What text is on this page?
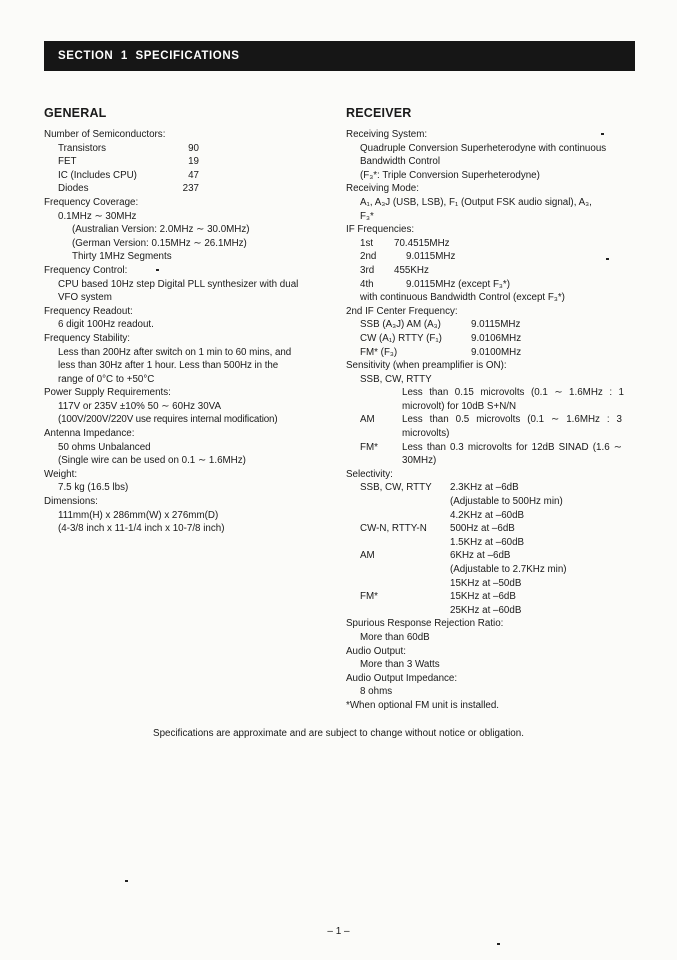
SECTION  1  SPECIFICATIONS
GENERAL
Number of Semiconductors:
Transistors	90
FET	19
IC (Includes CPU)	47
Diodes	237
Frequency Coverage:
0.1MHz ∼ 30MHz
(Australian Version: 2.0MHz ∼ 30.0MHz)
(German Version: 0.15MHz ∼ 26.1MHz)
Thirty 1MHz Segments
Frequency Control:
CPU based 10Hz step Digital PLL synthesizer with dual
VFO system
Frequency Readout:
6 digit 100Hz readout.
Frequency Stability:
Less than 200Hz after switch on 1 min to 60 mins, and
less than 30Hz after 1 hour. Less than 500Hz in the
range of 0°C to +50°C
Power Supply Requirements:
117V or 235V ±10% 50 ∼ 60Hz 30VA
(100V/200V/220V use requires internal modification)
Antenna Impedance:
50 ohms Unbalanced
(Single wire can be used on 0.1 ∼ 1.6MHz)
Weight:
7.5 kg (16.5 lbs)
Dimensions:
111mm(H) x 286mm(W) x 276mm(D)
(4-3/8 inch x 11-1/4 inch x 10-7/8 inch)
RECEIVER
Receiving System:
Quadruple Conversion Superheterodyne with continuous
Bandwidth Control
(F₃*: Triple Conversion Superheterodyne)
Receiving Mode:
A₁, A₃J (USB, LSB), F₁ (Output FSK audio signal), A₃,
F₃*
IF Frequencies:
1st	70.4515MHz
2nd	9.0115MHz
3rd	455KHz
4th	9.0115MHz (except F₃*)
with continuous Bandwidth Control (except F₃*)
2nd IF Center Frequency:
SSB (A₃J) AM (A₃)	9.0115MHz
CW (A₁) RTTY (F₁)	9.0106MHz
FM* (F₃)	9.0100MHz
Sensitivity (when preamplifier is ON):
SSB, CW, RTTY
Less than 0.15 microvolts (0.1 ∼ 1.6MHz : 1 microvolt) for 10dB S+N/N
AM	Less than 0.5 microvolts (0.1 ∼ 1.6MHz : 3 microvolts)
FM*	Less than 0.3 microvolts for 12dB SINAD (1.6 ∼ 30MHz)
Selectivity:
SSB, CW, RTTY	2.3KHz at –6dB
(Adjustable to 500Hz min)
4.2KHz at –60dB
CW-N, RTTY-N	500Hz at –6dB
1.5KHz at –60dB
AM	6KHz at –6dB
(Adjustable to 2.7KHz min)
15KHz at –50dB
FM*	15KHz at –6dB
25KHz at –60dB
Spurious Response Rejection Ratio:
More than 60dB
Audio Output:
More than 3 Watts
Audio Output Impedance:
8 ohms
*When optional FM unit is installed.
Specifications are approximate and are subject to change without notice or obligation.
– 1 –
